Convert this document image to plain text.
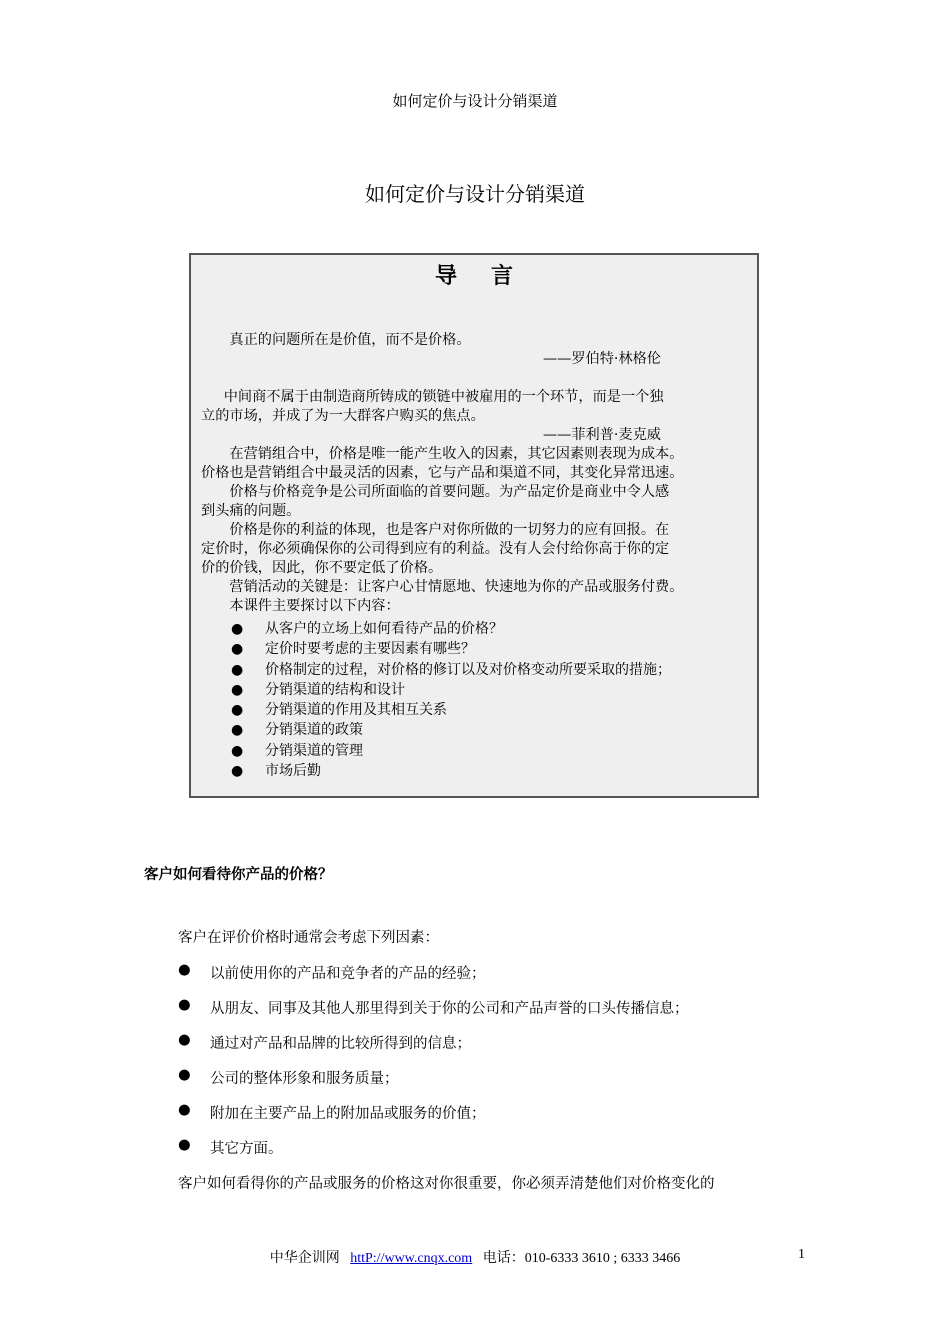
如何定价与设计分销渠道
如何定价与设计分销渠道
导言
真正的问题所在是价值，而不是价格。
——罗伯特·林格伦
中间商不属于由制造商所铸成的锁链中被雇用的一个环节，而是一个独
立的市场，并成了为一大群客户购买的焦点。
——菲利普·麦克威
在营销组合中，价格是唯一能产生收入的因素，其它因素则表现为成本。
价格也是营销组合中最灵活的因素，它与产品和渠道不同，其变化异常迅速。
价格与价格竞争是公司所面临的首要问题。为产品定价是商业中令人感
到头痛的问题。
价格是你的利益的体现，也是客户对你所做的一切努力的应有回报。在
定价时，你必须确保你的公司得到应有的利益。没有人会付给你高于你的定
价的价钱，因此，你不要定低了价格。
营销活动的关键是：让客户心甘情愿地、快速地为你的产品或服务付费。
本课件主要探讨以下内容：
●	从客户的立场上如何看待产品的价格？
●	定价时要考虑的主要因素有哪些？
●	价格制定的过程，对价格的修订以及对价格变动所要采取的措施；
●	分销渠道的结构和设计
●	分销渠道的作用及其相互关系
●	分销渠道的政策
●	分销渠道的管理
●	市场后勤
客户如何看待你产品的价格？
客户在评价价格时通常会考虑下列因素：
●	以前使用你的产品和竞争者的产品的经验；
●	从朋友、同事及其他人那里得到关于你的公司和产品声誉的口头传播信息；
●	通过对产品和品牌的比较所得到的信息；
●	公司的整体形象和服务质量；
●	附加在主要产品上的附加品或服务的价值；
●	其它方面。
客户如何看得你的产品或服务的价格这对你很重要，你必须弄清楚他们对价格变化的
中华企训网 httP://www.cnqx.com 电话：010-6333 3610 ; 6333 3466	1
